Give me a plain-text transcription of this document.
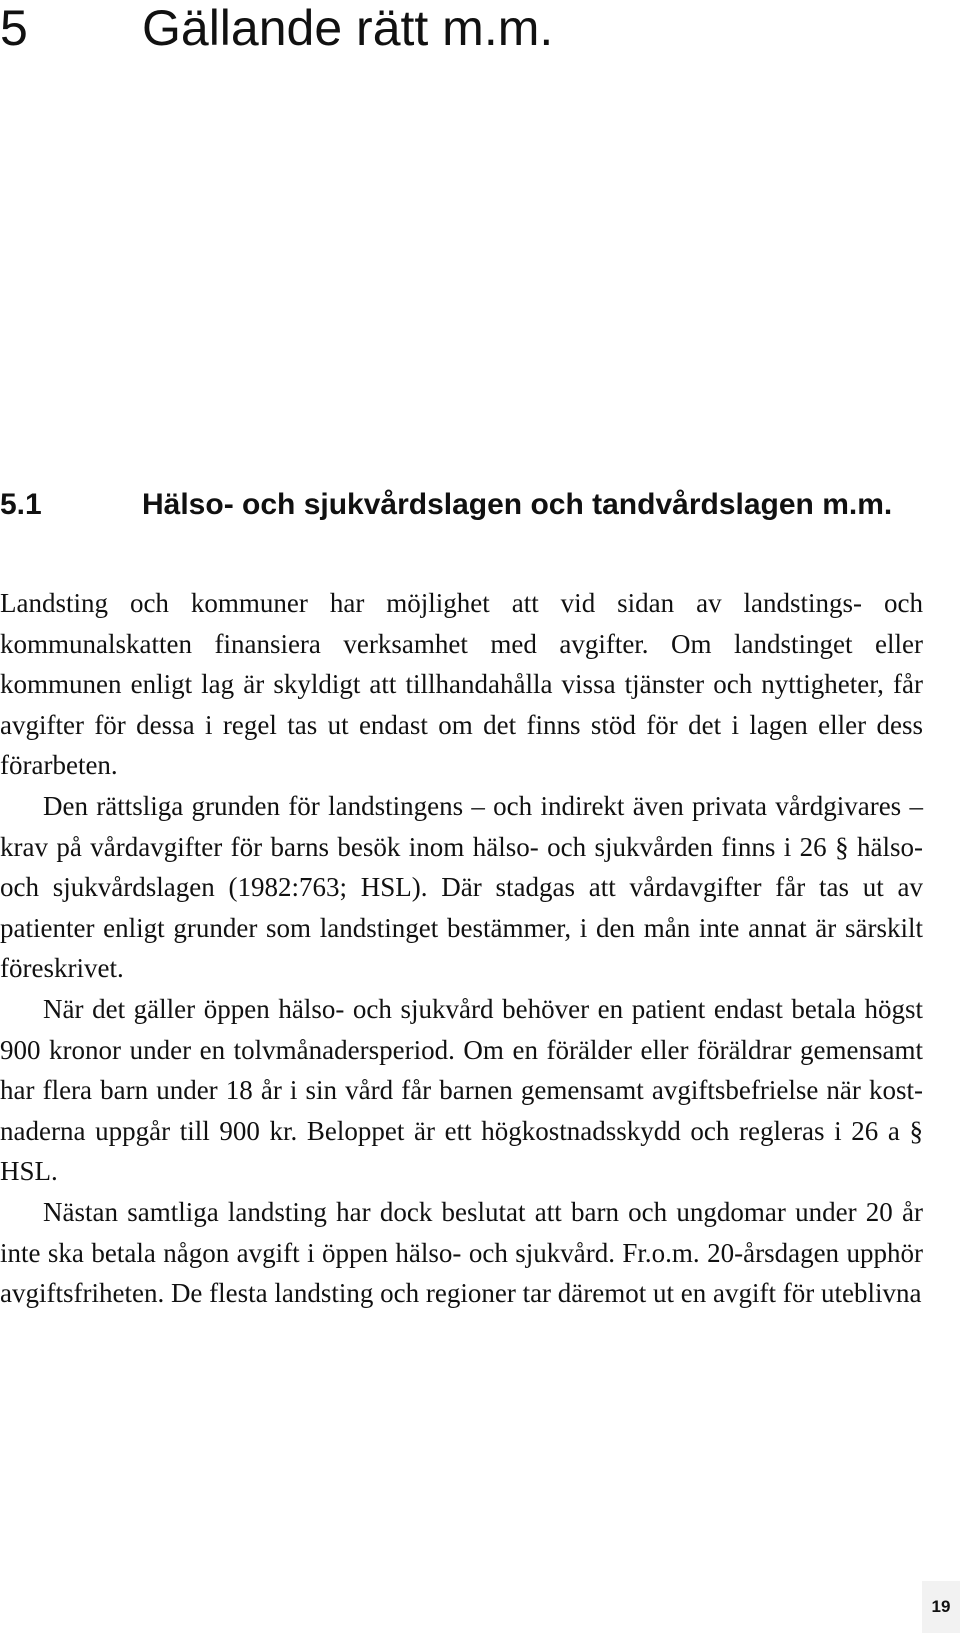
5 Gällande rätt m.m.
5.1	Hälso- och sjukvårdslagen och tandvårdslagen m.m.

Landsting och kommuner har möjlighet att vid sidan av landstings- och kommunalskatten finansiera verksamhet med avgifter. Om landstinget eller kommunen enligt lag är skyldigt att tillhandahålla vissa tjänster och nyttigheter, får avgifter för dessa i regel tas ut endast om det finns stöd för det i lagen eller dess förarbeten.

Den rättsliga grunden för landstingens – och indirekt även privata vårdgivares – krav på vårdavgifter för barns besök inom hälso- och sjukvården finns i 26 § hälso- och sjukvårdslagen (1982:763; HSL). Där stadgas att vårdavgifter får tas ut av patienter enligt grunder som landstinget bestämmer, i den mån inte annat är särskilt föreskrivet.

När det gäller öppen hälso- och sjukvård behöver en patient endast betala högst 900 kronor under en tolvmånadersperiod. Om en förälder eller föräldrar gemensamt har flera barn under 18 år i sin vård får barnen gemensamt avgiftsbefrielse när kostnaderna uppgår till 900 kr. Beloppet är ett högkostnadsskydd och regleras i 26 a § HSL.

Nästan samtliga landsting har dock beslutat att barn och ungdomar under 20 år inte ska betala någon avgift i öppen hälso- och sjukvård. Fr.o.m. 20-årsdagen upphör avgiftsfriheten. De flesta landsting och regioner tar däremot ut en avgift för uteblivna

19
